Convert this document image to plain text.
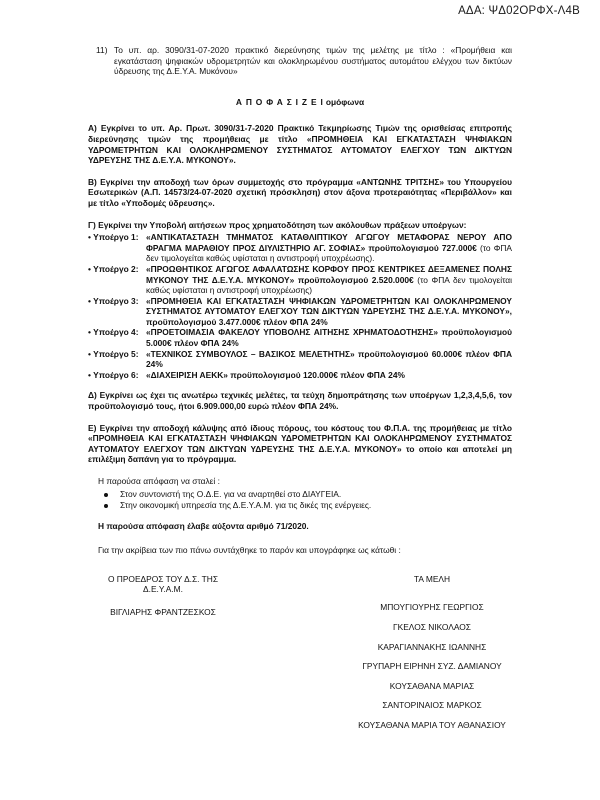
ΑΔΑ: ΨΔ02ΟΡΦΧ-Λ4Β
11) Το υπ. αρ. 3090/31-07-2020 πρακτικό διερεύνησης τιμών της μελέτης με τίτλο : «Προμήθεια και εγκατάσταση ψηφιακών υδρομετρητών και ολοκληρωμένου συστήματος αυτομάτου ελέγχου των δικτύων ύδρευσης της Δ.Ε.Υ.Α. Μυκόνου»
Α Π Ο Φ Α Σ Ι Ζ Ε Ι ομόφωνα
Α) Εγκρίνει το υπ. Αρ. Πρωτ. 3090/31-7-2020 Πρακτικό Τεκμηρίωσης Τιμών της ορισθείσας επιτροπής διερεύνησης τιμών της προμήθειας με τίτλο «ΠΡΟΜΗΘΕΙΑ ΚΑΙ ΕΓΚΑΤΑΣΤΑΣΗ ΨΗΦΙΑΚΩΝ ΥΔΡΟΜΕΤΡΗΤΩΝ ΚΑΙ ΟΛΟΚΛΗΡΩΜΕΝΟΥ ΣΥΣΤΗΜΑΤΟΣ ΑΥΤΟΜΑΤΟΥ ΕΛΕΓΧΟΥ ΤΩΝ ΔΙΚΤΥΩΝ ΥΔΡΕΥΣΗΣ ΤΗΣ Δ.Ε.Υ.Α. ΜΥΚΟΝΟΥ».
Β) Εγκρίνει την αποδοχή των όρων συμμετοχής στο πρόγραμμα «ΑΝΤΩΝΗΣ ΤΡΙΤΣΗΣ» του Υπουργείου Εσωτερικών (Α.Π. 14573/24-07-2020 σχετική πρόσκληση) στον άξονα προτεραιότητας «Περιβάλλον» και με τίτλο «Υποδομές ύδρευσης».
Γ) Εγκρίνει την Υποβολή αιτήσεων προς χρηματοδότηση των ακόλουθων πράξεων υποέργων:
• Υποέργο 1: «ΑΝΤΙΚΑΤΑΣΤΑΣΗ ΤΜΗΜΑΤΟΣ ΚΑΤΑΘΛΙΠΤΙΚΟΥ ΑΓΩΓΟΥ ΜΕΤΑΦΟΡΑΣ ΝΕΡΟΥ ΑΠΟ ΦΡΑΓΜΑ ΜΑΡΑΘΙΟΥ ΠΡΟΣ ΔΙΥΛΙΣΤΗΡΙΟ ΑΓ. ΣΟΦΙΑΣ» προϋπολογισμού 727.000€ (το ΦΠΑ δεν τιμολογείται καθώς υφίσταται η αντιστροφή υποχρέωσης).
• Υποέργο 2: «ΠΡΟΩΘΗΤΙΚΟΣ ΑΓΩΓΟΣ ΑΦΑΛΑΤΩΣΗΣ ΚΟΡΦΟΥ ΠΡΟΣ ΚΕΝΤΡΙΚΕΣ ΔΕΞΑΜΕΝΕΣ ΠΟΛΗΣ ΜΥΚΟΝΟΥ ΤΗΣ Δ.Ε.Υ.Α. ΜΥΚΟΝΟΥ» προϋπολογισμού 2.520.000€ (το ΦΠΑ δεν τιμολογείται καθώς υφίσταται η αντιστροφή υποχρέωσης)
• Υποέργο 3: «ΠΡΟΜΗΘΕΙΑ ΚΑΙ ΕΓΚΑΤΑΣΤΑΣΗ ΨΗΦΙΑΚΩΝ ΥΔΡΟΜΕΤΡΗΤΩΝ ΚΑΙ ΟΛΟΚΛΗΡΩΜΕΝΟΥ ΣΥΣΤΗΜΑΤΟΣ ΑΥΤΟΜΑΤΟΥ ΕΛΕΓΧΟΥ ΤΩΝ ΔΙΚΤΥΩΝ ΥΔΡΕΥΣΗΣ ΤΗΣ Δ.Ε.Υ.Α. ΜΥΚΟΝΟΥ», προϋπολογισμού 3.477.000€ πλέον ΦΠΑ 24%
• Υποέργο 4: «ΠΡΟΕΤΟΙΜΑΣΙΑ ΦΑΚΕΛΟΥ ΥΠΟΒΟΛΗΣ ΑΙΤΗΣΗΣ ΧΡΗΜΑΤΟΔΟΤΗΣΗΣ» προϋπολογισμού 5.000€ πλέον ΦΠΑ 24%
• Υποέργο 5: «ΤΕΧΝΙΚΟΣ ΣΥΜΒΟΥΛΟΣ – ΒΑΣΙΚΟΣ ΜΕΛΕΤΗΤΗΣ» προϋπολογισμού 60.000€ πλέον ΦΠΑ 24%
• Υποέργο 6: «ΔΙΑΧΕΙΡΙΣΗ ΑΕΚΚ» προϋπολογισμού 120.000€ πλέον ΦΠΑ 24%
Δ) Εγκρίνει ως έχει τις ανωτέρω τεχνικές μελέτες, τα τεύχη δημοπράτησης των υποέργων 1,2,3,4,5,6, τον προϋπολογισμό τους, ήτοι 6.909.000,00 ευρώ πλέον ΦΠΑ 24%.
Ε) Εγκρίνει την αποδοχή κάλυψης από ίδιους πόρους, του κόστους του Φ.Π.Α. της προμήθειας με τίτλο «ΠΡΟΜΗΘΕΙΑ ΚΑΙ ΕΓΚΑΤΑΣΤΑΣΗ ΨΗΦΙΑΚΩΝ ΥΔΡΟΜΕΤΡΗΤΩΝ ΚΑΙ ΟΛΟΚΛΗΡΩΜΕΝΟΥ ΣΥΣΤΗΜΑΤΟΣ ΑΥΤΟΜΑΤΟΥ ΕΛΕΓΧΟΥ ΤΩΝ ΔΙΚΤΥΩΝ ΥΔΡΕΥΣΗΣ ΤΗΣ Δ.Ε.Υ.Α. ΜΥΚΟΝΟΥ» το οποίο και αποτελεί μη επιλέξιμη δαπάνη για το πρόγραμμα.
Η παρούσα απόφαση να σταλεί :
Στον συντονιστή της Ο.Δ.Ε. για να αναρτηθεί στο ΔΙΑΥΓΕΙΑ.
Στην οικονομική υπηρεσία της Δ.Ε.Υ.Α.Μ. για τις δικές της ενέργειες.
Η παρούσα απόφαση έλαβε αύξοντα αριθμό 71/2020.
Για την ακρίβεια των πιο πάνω συντάχθηκε το παρόν και υπογράφηκε ως κάτωθι :
Ο ΠΡΟΕΔΡΟΣ ΤΟΥ Δ.Σ. ΤΗΣ
Δ.Ε.Υ.Α.Μ.
ΒΙΓΛΙΑΡΗΣ ΦΡΑΝΤΖΕΣΚΟΣ
ΤΑ ΜΕΛΗ
ΜΠΟΥΓΙΟΥΡΗΣ ΓΕΩΡΓΙΟΣ
ΓΚΕΛΟΣ ΝΙΚΟΛΑΟΣ
ΚΑΡΑΓΙΑΝΝΑΚΗΣ ΙΩΑΝΝΗΣ
ΓΡΥΠΑΡΗ ΕΙΡΗΝΗ ΣΥΖ. ΔΑΜΙΑΝΟΥ
ΚΟΥΣΑΘΑΝΑ ΜΑΡΙΑΣ
ΣΑΝΤΟΡΙΝΑΙΟΣ ΜΑΡΚΟΣ
ΚΟΥΣΑΘΑΝΑ ΜΑΡΙΑ ΤΟΥ ΑΘΑΝΑΣΙΟΥ
